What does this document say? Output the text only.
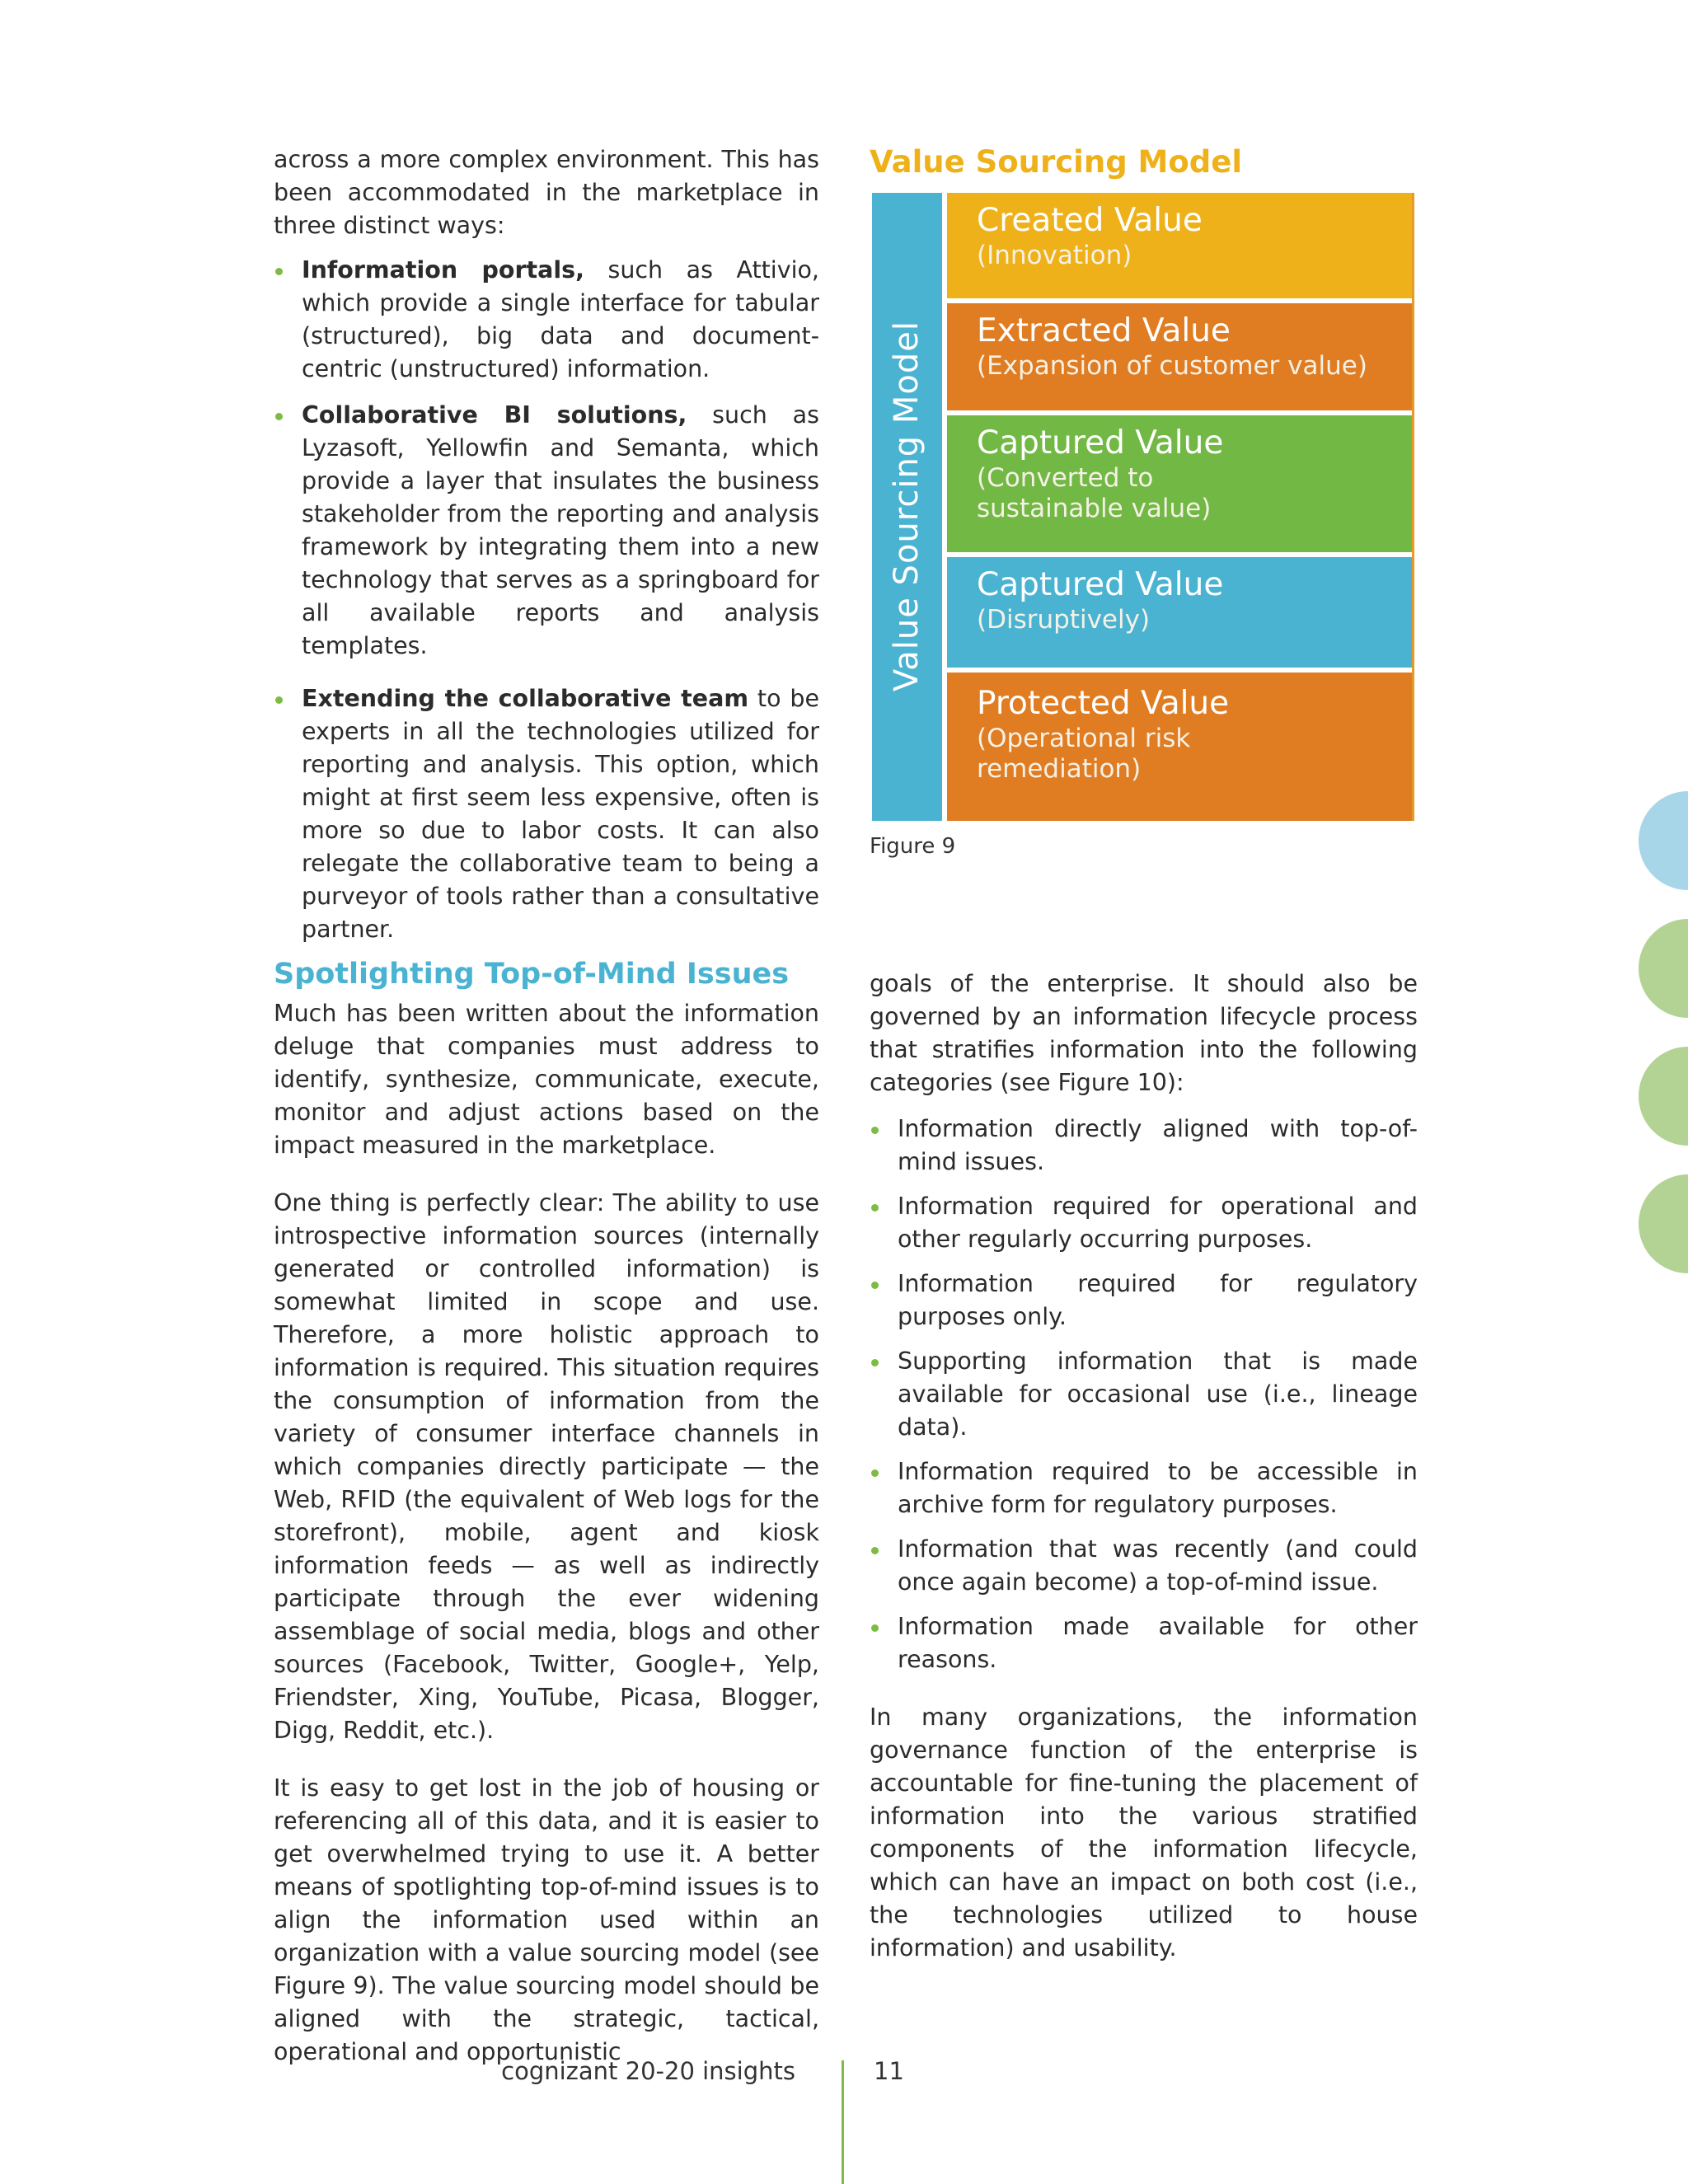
across a more complex environment. This has been accommodated in the marketplace in three distinct ways:

Information portals, such as Attivio, which provide a single interface for tabular (structured), big data and document-centric (unstructured) information.
Collaborative BI solutions, such as Lyzasoft, Yellowfin and Semanta, which provide a layer that insulates the business stakeholder from the reporting and analysis framework by integrating them into a new technology that serves as a springboard for all available reports and analysis templates.
Extending the collaborative team to be experts in all the technologies utilized for reporting and analysis. This option, which might at first seem less expensive, often is more so due to labor costs. It can also relegate the collaborative team to being a purveyor of tools rather than a consultative partner.
Spotlighting Top-of-Mind Issues

Much has been written about the information deluge that companies must address to identify, synthesize, communicate, execute, monitor and adjust actions based on the impact measured in the marketplace.

One thing is perfectly clear: The ability to use introspective information sources (internally generated or controlled information) is somewhat limited in scope and use. Therefore, a more holistic approach to information is required. This situation requires the consumption of information from the variety of consumer interface channels in which companies directly participate — the Web, RFID (the equivalent of Web logs for the storefront), mobile, agent and kiosk information feeds — as well as indirectly participate through the ever widening assemblage of social media, blogs and other sources (Facebook, Twitter, Google+, Yelp, Friendster, Xing, YouTube, Picasa, Blogger, Digg, Reddit, etc.).

It is easy to get lost in the job of housing or referencing all of this data, and it is easier to get overwhelmed trying to use it. A better means of spotlighting top-of-mind issues is to align the information used within an organization with a value sourcing model (see Figure 9). The value sourcing model should be aligned with the strategic, tactical, operational and opportunistic

Value Sourcing Model
Value Sourcing Model
Created Value
(Innovation)
Extracted Value
(Expansion of customer value)
Captured Value
(Converted to sustainable value)
Captured Value
(Disruptively)
Protected Value
(Operational risk remediation)
Figure 9

goals of the enterprise. It should also be governed by an information lifecycle process that stratifies information into the following categories (see Figure 10):

Information directly aligned with top-of-mind issues.
Information required for operational and other regularly occurring purposes.
Information required for regulatory purposes only.
Supporting information that is made available for occasional use (i.e., lineage data).
Information required to be accessible in archive form for regulatory purposes.
Information that was recently (and could once again become) a top-of-mind issue.
Information made available for other reasons.

In many organizations, the information governance function of the enterprise is accountable for fine-tuning the placement of information into the various stratified components of the information lifecycle, which can have an impact on both cost (i.e., the technologies utilized to house information) and usability.

cognizant 20-20 insights	11
